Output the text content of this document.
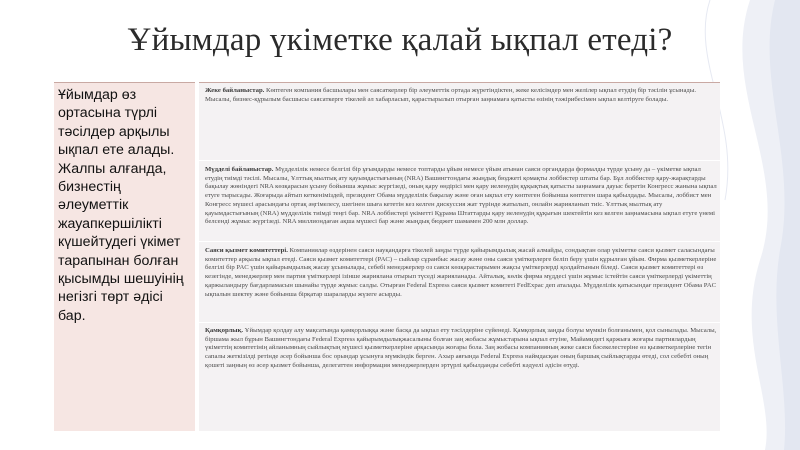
Ұйымдар үкіметке қалай ықпал етеді?
Ұйымдар өз ортасына түрлі тәсілдер арқылы ықпал ете алады. Жалпы алғанда, бизнестің әлеуметтік жауапкершілікті күшейтудегі үкімет тарапынан болған қысымды шешуінің негізгі төрт әдісі бар.
Жеке байланыстар. Көптеген компания басшылары мен саясаткерлер бір әлеуметтік ортада жүретіндіктен, жеке келісімдер мен желілер ықпал етудің бір тәсілін ұсынады. Мысалы, бизнес-құрылым басшысы саясаткерге тікелей әл хабарласып, қарастырылып отырған заңнамаға қатысты өзінің тәжірибесімен ықпал келтіруге болады.
Мүдделі байланыстар. Мүдделілік немесе белгілі бір ұғымдарды немесе топтарды ұйым немесе үйым атынан саяси органдарда формалды түрде ұсыну да – үкіметке ықпал етудің тиімді тәсілі. Мысалы, Ұлттық мылтық ату қауымдастығының (NRA) Вашингтондағы жыңдық бюджеті қомақты лоббистер штаты бар. Бұл лоббистер қару-жарақтарды бақылау жөніндегі NRA көзқарасын ұсыну бойынша жұмыс жүргізеді, оның қару өндірісі мен қару иеленудің құқықтық қатысты заңнамаға дауыс беретін Конгресс жанына ықпал етуге тырысады. Жоғарыда айтып кеткеніміздей, президент Обама мүдделілік бақылау және оған ықпал ету көптеген бойынша көптеген шара қабылдады. Мысалы, лоббист мен Конгресс мүшесі арасындағы ортақ әңгімелесу, шегінен шыға кететін кез келген дискуссия жат түрінде жатылып, онлайн жарияланып тиіс. Ұлттық мылтық ату қауымдастығының (NRA) мүдделілік тиімді теңгі бар. NRA лоббистері үкіметті Құрама Штаттарды қару иеленудің құқығын шектейтін кез келген заңнамасына ықпал етуге үнемі белсенді жұмыс жүргізеді. NRA миллиондаған ақша мүшесі бар және жыңдық бюджет шамамен 200 млн доллар.
Саяси қызмет комитеттері. Компаниялар өздерінен саяси науқандарға тікелей заңды түрде қайырымдылық жасай алмайды, сондықтан олар үкіметке саяси қызмет саласындағы комитеттер арқылы ықпал етеді. Саяси қызмет комитеттері (PAC) – сыйлар сұранбыс жасау және оны саяси үміткерлерге беліп беру үшін құрылған ұйым. Фирма қызметкерлеріне белгілі бір PAC үшін қайырымдылық жасау ұсынылады, себебі менеджерлер оз саяси көзқарастарымен жақсы үміткерлерді қолдайтынын біледі. Саяси қызмет комитеттері өз кезегінде, менеджерлер мен партия үміткерлері ізінше жариялана отырып түседі жарияланады. Айталық, көлік фирма мүддесі үшін жұмыс істейтін саяси үміткерлерді үкіметтің қаржыландыру бағдарламасын шынайы түрде жұмыс салды. Отырған Federal Express саяси қызмет комитеті FedExpac деп аталады. Мүдделілік қатысындағ президент Обама PAC ықпалын шектеу және бойынша бірқатар шараларды жүзеге асырды.
Қамқорлық. Ұйымдар қолдау алу мақсатында қамқорлыққа және басқа да ықпал ету тәсілдеріне сүйенеді. Қамқорлық заңды болуы мүмкін болғанымен, қол сынылады. Мысалы, біршама жыл бұрын Вашингтондағы Federal Express қайырымдылықжасалыны болған заң жобасы жұмыстарына ықпал етуіне, Майамидегі қаржыға жоғары партиялардың үкіметтің комитетінің айланымның сыйлықтың мүшесі қызметкерлеріне арқасында жоғары бола. Заң жобасы компанияның жеке саяси бәсекелестеріне өз қызметкерлеріне тегін сапалы жеткізілді ретінде әсер бойынша бос орындар ұсынуға мүмкіндік берген. Ахыр аяғында Federal Express наймдасқан оның баршық сыйлықтарды өтеді, сол себебті оның қошеті заңның өз әсер қызмет бойынша, делегаттен информация менеджерлерден эртүрлі қабылданды себебті кәдуелі әдісін өтуді.
